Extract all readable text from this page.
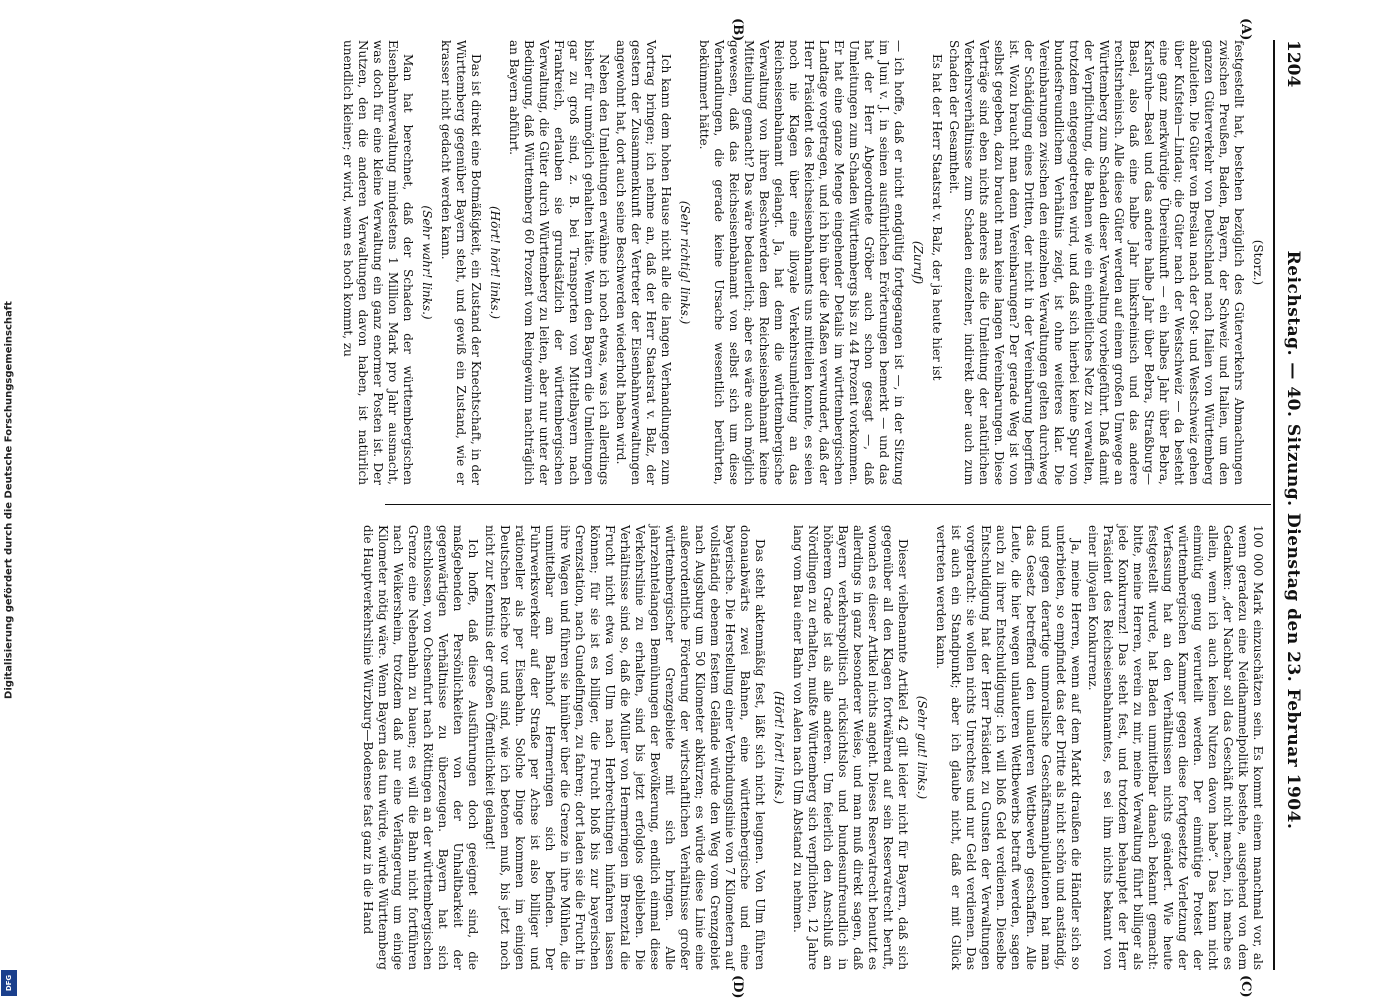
Digitalisierung gefördert durch die Deutsche Forschungsgemeinschaft
DFG
1204
Reichstag. — 40. Sitzung. Dienstag den 23. Februar 1904.
(A)
(B)
(C)
(D)
(Storz.)

festgestellt hat, bestehen bezüglich des Güterverkehrs Abmachungen zwischen Preußen, Baden, Bayern, der Schweiz und Italien, um den ganzen Güterverkehr von Deutschland nach Italien von Württemberg abzuleiten. Die Güter von Breslau nach der Ost- und Westschweiz gehen über Kufstein—Lindau; die Güter nach der Westschweiz — da besteht eine ganz merkwürdige Übereinkunft — ein halbes Jahr über Bebra, Karlsruhe—Basel und das andere halbe Jahr über Bebra, Straßburg—Basel, also daß eine halbe Jahr linksrheinisch und das andere rechtsrheinisch. Alle diese Güter werden auf einem großen Umwege an Württemberg zum Schaden dieser Verwaltung vorbeigeführt. Daß damit der Verpflichtung, die Bahnen wie ein einheitliches Netz zu verwalten, trotzdem entgegengetreten wird, und daß sich hierbei keine Spur von bundesfreundlichem Verhältnis zeigt, ist ohne weiteres klar. Die Vereinbarungen zwischen den einzelnen Verwaltungen gelten durchweg der Schädigung eines Dritten, der nicht in der Vereinbarung begriffen ist. Wozu braucht man denn Vereinbarungen? Der gerade Weg ist von selbst gegeben, dazu braucht man keine langen Vereinbarungen. Diese Verträge sind eben nichts anderes als die Umleitung der natürlichen Verkehrsverhältnisse zum Schaden einzelner, indirekt aber auch zum Schaden der Gesamtheit.

Es hat der Herr Staatsrat v. Balz, der ja heute hier ist

(Zuruf)

— ich hoffe, daß er nicht endgültig fortgegangen ist —, in der Sitzung im Juni v. J. in seinen ausführlichen Erörterungen bemerkt — und das hat der Herr Abgeordnete Gröber auch schon gesagt —, daß Umleitungen zum Schaden Württembergs bis zu 44 Prozent vorkommen. Er hat eine ganze Menge eingehender Details im württembergischen Landtage vorgetragen, und ich bin über die Maßen verwundert, daß der Herr Präsident des Reichseisenbahnamts uns mitteilen konnte, es seien noch nie Klagen über eine illoyale Verkehrsumleitung an das Reichseisenbahnamt gelangt. Ja, hat denn die württembergische Verwaltung von ihren Beschwerden dem Reichseisenbahnamt keine Mitteilung gemacht? Das wäre bedauerlich; aber es wäre auch möglich gewesen, daß das Reichseisenbahnamt von selbst sich um diese Verhandlungen, die gerade keine Ursache wesentlich berührten, bekümmert hätte.

(Sehr richtig! links.)

Ich kann dem hohen Hause nicht alle die langen Verhandlungen zum Vortrag bringen; ich nehme an, daß der Herr Staatsrat v. Balz, der gestern der Zusammenkunft der Vertreter der Eisenbahnverwaltungen angewohnt hat, dort auch seine Beschwerden wiederholt haben wird.

Neben den Umleitungen erwähne ich noch etwas, was ich allerdings bisher für unmöglich gehalten hätte. Wenn den Bayern die Umleitungen gar zu groß sind, z. B. bei Transporten von Mittelbayern nach Frankreich, erlauben sie grundsätzlich der württembergischen Verwaltung, die Güter durch Württemberg zu leiten, aber nur unter der Bedingung, daß Württemberg 60 Prozent vom Reingewinn nachträglich an Bayern abführt.

(Hört! hört! links.)

Das ist direkt eine Botmäßigkeit, ein Zustand der Knechtschaft, in der Württemberg gegenüber Bayern steht, und gewiß ein Zustand, wie er krasser nicht gedacht werden kann.

(Sehr wahr! links.)

Man hat berechnet, daß der Schaden der württembergischen Eisenbahnverwaltung mindestens 1 Million Mark pro Jahr ausmacht, was doch für eine kleine Verwaltung ein ganz enormer Posten ist. Der Nutzen, den die anderen Verwaltungen davon haben, ist natürlich unendlich kleiner; er wird, wenn es hoch kommt, zu

100 000 Mark einzuschätzen sein. Es kommt einem manchmal vor, als wenn geradezu eine Neidhammelpolitik bestehe, ausgehend von dem Gedanken: „der Nachbar soll das Geschäft nicht machen, ich mache es allein, wenn ich auch keinen Nutzen davon habe“. Das kann nicht einmütig genug verurteilt werden. Der einmütige Protest der württembergischen Kammer gegen diese fortgesetzte Verletzung der Verfassung hat an den Verhältnissen nichts geändert. Wie heute festgestellt wurde, hat Baden unmittelbar danach bekannt gemacht: bitte, meine Herren, verein zu mir, meine Verwaltung führt billiger als jede Konkurrenz! Das steht fest, und trotzdem behauptet der Herr Präsident des Reichseisenbahnamtes, es sei ihm nichts bekannt von einer illoyalen Konkurrenz.

Ja, meine Herren, wenn auf dem Markt draußen die Händler sich so unterbieten, so empfindet das der Dritte als nicht schön und anständig, und gegen derartige unmoralische Geschäftsmanipulationen hat man das Gesetz betreffend den unlauteren Wettbewerb geschaffen. Alle Leute, die hier wegen unlauteren Wettbewerbs betraft werden, sagen auch zu ihrer Entschuldigung: ich will bloß Geld verdienen. Dieselbe Entschuldigung hat der Herr Präsident zu Gunsten der Verwaltungen vorgebracht: sie wollen nichts Unrechtes und nur Geld verdienen. Das ist auch ein Standpunkt; aber ich glaube nicht, daß er mit Glück vertreten werden kann.

(Sehr gut! links.)

Dieser vielbenannte Artikel 42 gilt leider nicht für Bayern, daß sich gegenüber all den Klagen fortwährend auf sein Reservatrecht beruft, wonach es dieser Artikel nichts angeht. Dieses Reservatrecht benutzt es allerdings in ganz besonderer Weise, und man muß direkt sagen, daß Bayern verkehrspolitisch rücksichtslos und bundesunfreundlich in höherem Grade ist als alle anderen. Um feierlich den Anschluß an Nördlingen zu erhalten, mußte Württemberg sich verpflichten, 12 Jahre lang vom Bau einer Bahn von Aalen nach Ulm Abstand zu nehmen.

(Hört! hört! links.)

Das steht aktenmäßig fest, läßt sich nicht leugnen. Von Ulm führen donauabwärts zwei Bahnen, eine württembergische und eine bayerische. Die Herstellung einer Verbindungslinie von 7 Kilometern auf vollständig ebenem festem Gelände würde den Weg vom Grenzgebiet nach Augsburg um 50 Kilometer abkürzen; es würde diese Linie eine außerordentliche Förderung der wirtschaftlichen Verhältnisse großer württembergischer Grenzgebiete mit sich bringen. Alle jahrzehntelangen Bemühungen der Bevölkerung, endlich einmal diese Verkehrslinie zu erhalten, sind bis jetzt erfolglos geblieben. Die Verhältnisse sind so, daß die Müller von Hermeringen im Brenztal die Frucht nicht etwa von Ulm nach Herbrechtingen hinfahren lassen können; für sie ist es billiger, die Frucht bloß bis zur bayerischen Grenzstation, nach Gundelfingen, zu fahren; dort laden sie die Frucht in ihre Wagen und führen sie hinüber über die Grenze in ihre Mühlen, die unmittelbar am Bahnhof Hermeringen sich befinden. Der Fuhrwerksverkehr auf der Straße per Achse ist also billiger und rationeller als per Eisenbahn. Solche Dinge kommen im einigen Deutschen Reiche vor und sind, wie ich betonen muß, bis jetzt noch nicht zur Kenntnis der großen Öffentlichkeit gelangt!

Ich hoffe, daß diese Ausführungen doch geeignet sind, die maßgebenden Persönlichkeiten von der Unhaltbarkeit der gegenwärtigen Verhältnisse zu überzeugen. Bayern hat sich entschlossen, von Ochsenfurt nach Röttingen an der württembergischen Grenze eine Nebenbahn zu bauen; es will die Bahn nicht fortführen nach Weikersheim, trotzdem daß nur eine Verlängerung um einige Kilometer nötig wäre. Wenn Bayern das tun würde, würde Württemberg die Hauptverkehrslinie Würzburg—Bodensee fast ganz in die Hand
